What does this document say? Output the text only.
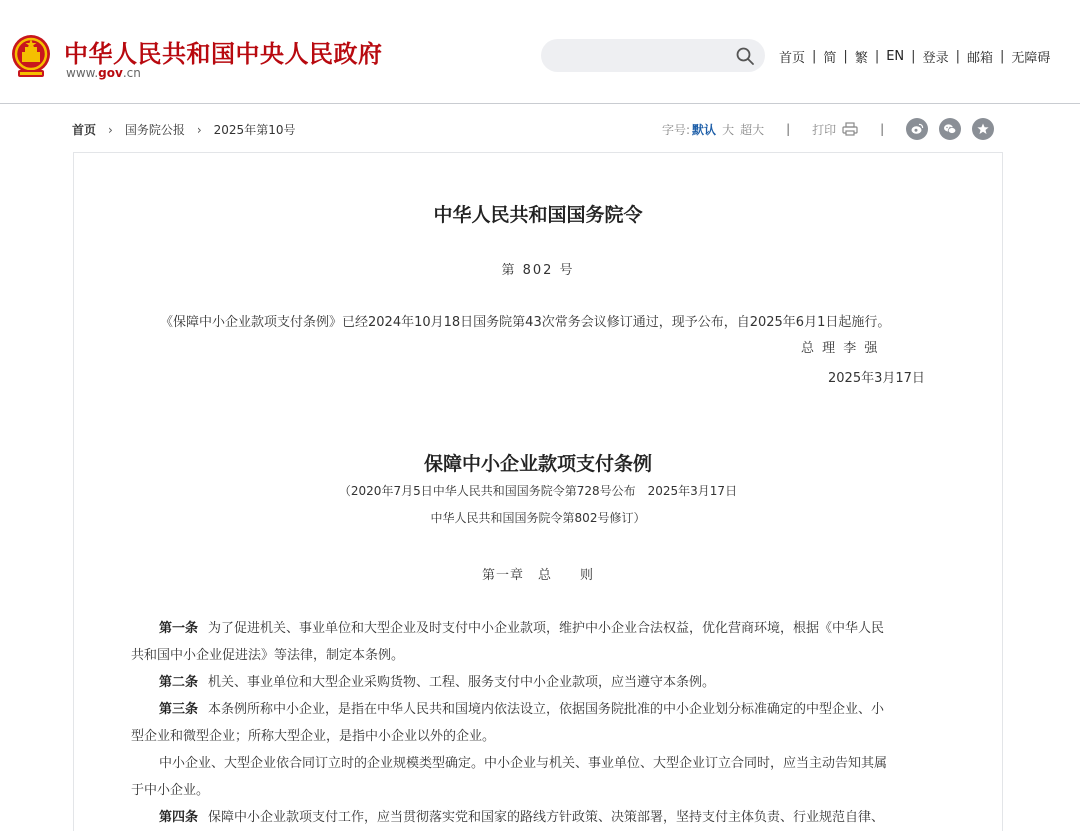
中华人民共和国中央人民政府
www.gov.cn
首页 | 简 | 繁 | EN | 登录 | 邮箱 | 无障碍
首页 › 国务院公报 › 2025年第10号	字号: 默认 大 超大 | 打印	|
中华人民共和国国务院令
第 802 号
《保障中小企业款项支付条例》已经2024年10月18日国务院第43次常务会议修订通过，现予公布，自2025年6月1日起施行。
总 理 李 强
2025年3月17日
保障中小企业款项支付条例
（2020年7月5日中华人民共和国国务院令第728号公布　2025年3月17日
中华人民共和国国务院令第802号修订）
第一章　总　　则
第一条 为了促进机关、事业单位和大型企业及时支付中小企业款项，维护中小企业合法权益，优化营商环境，根据《中华人民
共和国中小企业促进法》等法律，制定本条例。
第二条 机关、事业单位和大型企业采购货物、工程、服务支付中小企业款项，应当遵守本条例。
第三条 本条例所称中小企业，是指在中华人民共和国境内依法设立，依据国务院批准的中小企业划分标准确定的中型企业、小
型企业和微型企业；所称大型企业，是指中小企业以外的企业。
中小企业、大型企业依合同订立时的企业规模类型确定。中小企业与机关、事业单位、大型企业订立合同时，应当主动告知其属
于中小企业。
第四条 保障中小企业款项支付工作，应当贯彻落实党和国家的路线方针政策、决策部署，坚持支付主体负责、行业规范自律、
